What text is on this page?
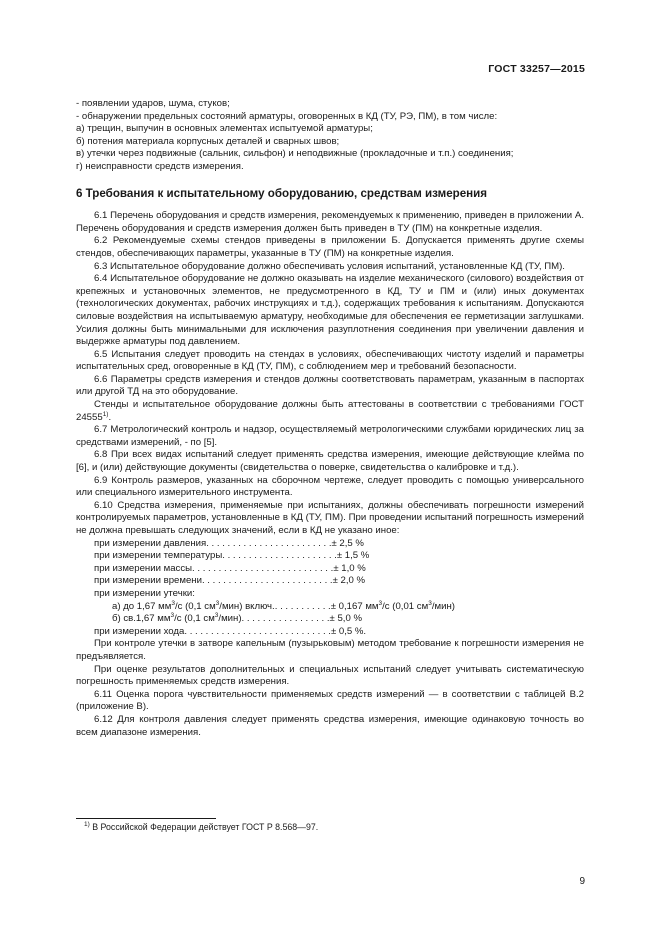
ГОСТ 33257—2015

- появлении ударов, шума, стуков;

- обнаружении предельных состояний арматуры, оговоренных в КД (ТУ, РЭ, ПМ), в том числе:

а) трещин, выпучин в основных элементах испытуемой арматуры;

б) потения материала корпусных деталей и сварных швов;

в) утечки через подвижные (сальник, сильфон) и неподвижные (прокладочные и т.п.) соединения;

г) неисправности средств измерения.

6 Требования к испытательному оборудованию, средствам измерения

6.1 Перечень оборудования и средств измерения, рекомендуемых к применению, приведен в приложении А. Перечень оборудования и средств измерения должен быть приведен в ТУ (ПМ) на конкретные изделия.

6.2 Рекомендуемые схемы стендов приведены в приложении Б. Допускается применять другие схемы стендов, обеспечивающих параметры, указанные в ТУ (ПМ) на конкретные изделия.

6.3 Испытательное оборудование должно обеспечивать условия испытаний, установленные КД (ТУ, ПМ).

6.4 Испытательное оборудование не должно оказывать на изделие механического (силового) воздействия от крепежных и установочных элементов, не предусмотренного в КД, ТУ и ПМ и (или) иных документах (технологических документах, рабочих инструкциях и т.д.), содержащих требования к испытаниям. Допускаются силовые воздействия на испытываемую арматуру, необходимые для обеспечения ее герметизации заглушками. Усилия должны быть минимальными для исключения разуплотнения соединения при увеличении давления и выдержке арматуры под давлением.

6.5 Испытания следует проводить на стендах в условиях, обеспечивающих чистоту изделий и параметры испытательных сред, оговоренные в КД (ТУ, ПМ), с соблюдением мер и требований безопасности.

6.6 Параметры средств измерения и стендов должны соответствовать параметрам, указанным в паспортах или другой ТД на это оборудование.

Стенды и испытательное оборудование должны быть аттестованы в соответствии с требованиями ГОСТ 24555$^{1)}$.

6.7 Метрологический контроль и надзор, осуществляемый метрологическими службами юридических лиц за средствами измерений, - по [5].

6.8 При всех видах испытаний следует применять средства измерения, имеющие действующие клейма по [6], и (или) действующие документы (свидетельства о поверке, свидетельства о калибровке и т.д.).

6.9 Контроль размеров, указанных на сборочном чертеже, следует проводить с помощью универсального или специального измерительного инструмента.

6.10 Средства измерения, применяемые при испытаниях, должны обеспечивать погрешности измерений контролируемых параметров, установленные в КД (ТУ, ПМ). При проведении испытаний погрешность измерений не должна превышать следующих значений, если в КД не указано иное:

при измерении давления . . . . . . . . . . . . . . . . . . . . . . . . ± 2,5 %
при измерении температуры . . . . . . . . . . . . . . . . . . . . . . ± 1,5 %
при измерении массы . . . . . . . . . . . . . . . . . . . . . . . . . . . ± 1,0 %
при измерении времени . . . . . . . . . . . . . . . . . . . . . . . . . ± 2,0 %
при измерении утечки:
а) до 1,67 $мм^3/с$ (0,1 $см^3/мин$) включ. . . . . . . . . . . . ± 0,167 $мм^3/с$ (0,01 $см^3/мин$)
б) св.1,67 $мм^3/с$ (0,1 $см^3/мин$) . . . . . . . . . . . . . . . . . ± 5,0 %
при измерении хода . . . . . . . . . . . . . . . . . . . . . . . . . . . . ± 0,5 %.

При контроле утечки в затворе капельным (пузырьковым) методом требование к погрешности измерения не предъявляется.

При оценке результатов дополнительных и специальных испытаний следует учитывать систематическую погрешность применяемых средств измерения.

6.11 Оценка порога чувствительности применяемых средств измерений — в соответствии с таблицей В.2 (приложение В).

6.12 Для контроля давления следует применять средства измерения, имеющие одинаковую точность во всем диапазоне измерения.

$^{1)}$ В Российской Федерации действует ГОСТ Р 8.568—97.
9
